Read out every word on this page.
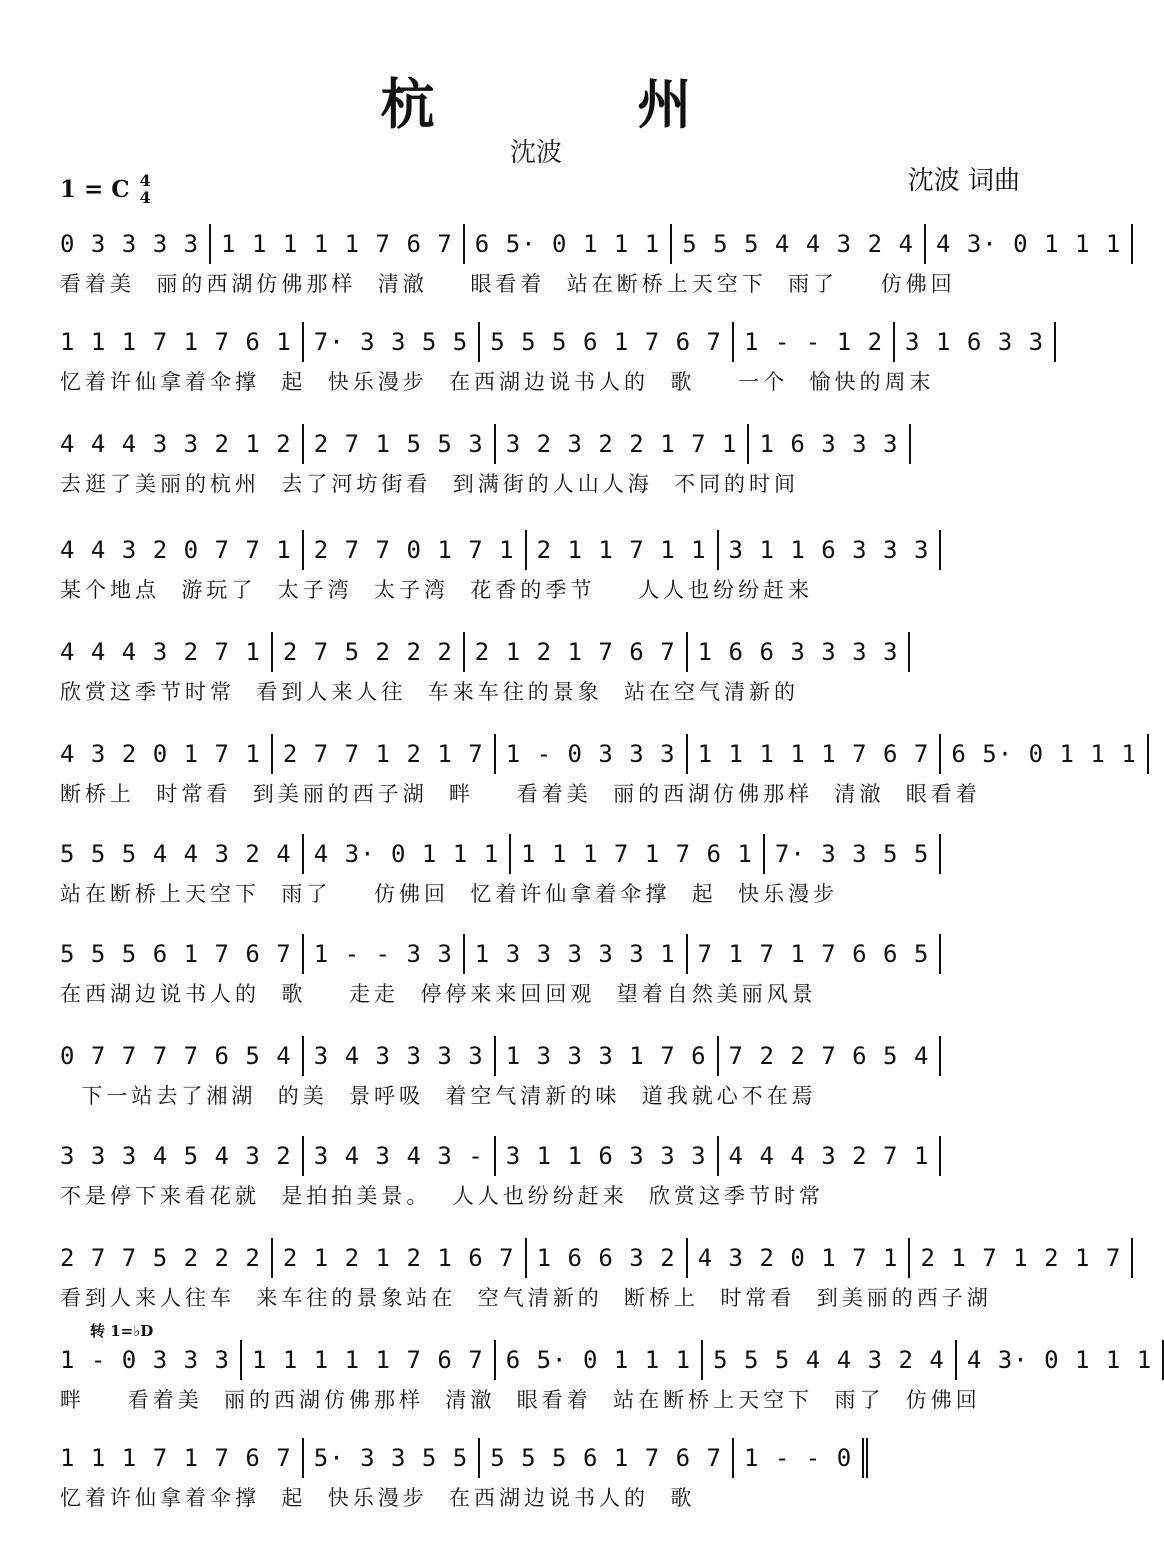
杭 州
沈波
沈波 词曲
1 = C 4
4
转 1=♭D
0 3 3 3 3 1 1 1 1 1 7 6 7 6 5· 0 1 1 1 5 5 5 4 4 3 2 4 4 3· 0 1 1 1
看着美  丽的西湖仿佛那样  清澈    眼看着  站在断桥上天空下  雨了    仿佛回
1 1 1 7 1 7 6 1 7· 3 3 5 5 5 5 5 6 1 7 6 7 1 - - 1 2 3 1 6 3 3
忆着许仙拿着伞撑  起  快乐漫步  在西湖边说书人的  歌    一个  愉快的周末
4 4 4 3 3 2 1 2 2 7 1 5 5 3 3 2 3 2 2 1 7 1 1 6 3 3 3
去逛了美丽的杭州  去了河坊街看  到满街的人山人海  不同的时间
4 4 3 2 0 7 7 1 2 7 7 0 1 7 1 2 1 1 7 1 1 3 1 1 6 3 3 3
某个地点  游玩了  太子湾  太子湾  花香的季节    人人也纷纷赶来
4 4 4 3 2 7 1 2 7 5 2 2 2 2 1 2 1 7 6 7 1 6 6 3 3 3 3
欣赏这季节时常  看到人来人往  车来车往的景象  站在空气清新的
4 3 2 0 1 7 1 2 7 7 1 2 1 7 1 - 0 3 3 3 1 1 1 1 1 7 6 7 6 5· 0 1 1 1
断桥上  时常看  到美丽的西子湖  畔    看着美  丽的西湖仿佛那样  清澈  眼看着
5 5 5 4 4 3 2 4 4 3· 0 1 1 1 1 1 1 7 1 7 6 1 7· 3 3 5 5
站在断桥上天空下  雨了    仿佛回  忆着许仙拿着伞撑  起  快乐漫步
5 5 5 6 1 7 6 7 1 - - 3 3 1 3 3 3 3 3 1 7 1 7 1 7 6 6 5
在西湖边说书人的  歌    走走  停停来来回回观  望着自然美丽风景
0 7 7 7 7 6 5 4 3 4 3 3 3 3 1 3 3 3 1 7 6 7 2 2 7 6 5 4
下一站去了湘湖  的美  景呼吸  着空气清新的味  道我就心不在焉
3 3 3 4 5 4 3 2 3 4 3 4 3 - 3 1 1 6 3 3 3 4 4 4 3 2 7 1
不是停下来看花就  是拍拍美景。  人人也纷纷赶来  欣赏这季节时常
2 7 7 5 2 2 2 2 1 2 1 2 1 6 7 1 6 6 3 2 4 3 2 0 1 7 1 2 1 7 1 2 1 7
看到人来人往车  来车往的景象站在  空气清新的  断桥上  时常看  到美丽的西子湖
1 - 0 3 3 3 1 1 1 1 1 7 6 7 6 5· 0 1 1 1 5 5 5 4 4 3 2 4 4 3· 0 1 1 1
畔    看着美  丽的西湖仿佛那样  清澈  眼看着  站在断桥上天空下  雨了  仿佛回
1 1 1 7 1 7 6 7 5· 3 3 5 5 5 5 5 6 1 7 6 7 1 - - 0
忆着许仙拿着伞撑  起  快乐漫步  在西湖边说书人的  歌
